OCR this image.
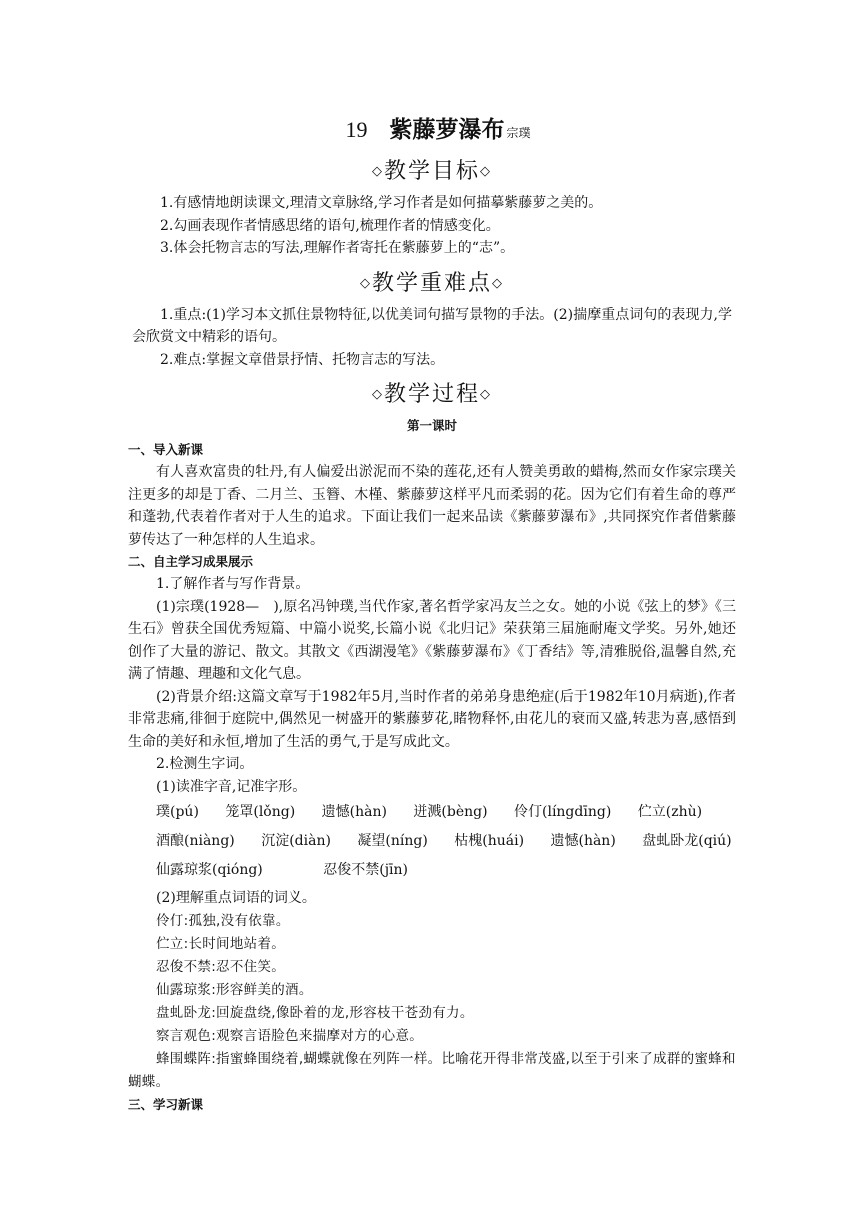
19 紫藤萝瀑布 宗璞
◇教学目标◇

1.有感情地朗读课文,理清文章脉络,学习作者是如何描摹紫藤萝之美的。

2.勾画表现作者情感思绪的语句,梳理作者的情感变化。

3.体会托物言志的写法,理解作者寄托在紫藤萝上的“志”。

◇教学重难点◇

1.重点:(1)学习本文抓住景物特征,以优美词句描写景物的手法。(2)揣摩重点词句的表现力,学会欣赏文中精彩的语句。

2.难点:掌握文章借景抒情、托物言志的写法。

◇教学过程◇
第一课时

一、导入新课

有人喜欢富贵的牡丹,有人偏爱出淤泥而不染的莲花,还有人赞美勇敢的蜡梅,然而女作家宗璞关注更多的却是丁香、二月兰、玉簪、木槿、紫藤萝这样平凡而柔弱的花。因为它们有着生命的尊严和蓬勃,代表着作者对于人生的追求。下面让我们一起来品读《紫藤萝瀑布》,共同探究作者借紫藤萝传达了一种怎样的人生追求。

二、自主学习成果展示

1.了解作者与写作背景。

(1)宗璞(1928—　),原名冯钟璞,当代作家,著名哲学家冯友兰之女。她的小说《弦上的梦》《三生石》曾获全国优秀短篇、中篇小说奖,长篇小说《北归记》荣获第三届施耐庵文学奖。另外,她还创作了大量的游记、散文。其散文《西湖漫笔》《紫藤萝瀑布》《丁香结》等,清雅脱俗,温馨自然,充满了情趣、理趣和文化气息。

(2)背景介绍:这篇文章写于1982年5月,当时作者的弟弟身患绝症(后于1982年10月病逝),作者非常悲痛,徘徊于庭院中,偶然见一树盛开的紫藤萝花,睹物释怀,由花儿的衰而又盛,转悲为喜,感悟到生命的美好和永恒,增加了生活的勇气,于是写成此文。

2.检测生字词。

(1)读准字音,记准字形。

璞(pú) 笼罩(lǒng) 遗憾(hàn) 迸溅(bèng) 伶仃(língdīng) 伫立(zhù)
酒酿(niàng) 沉淀(diàn) 凝望(níng) 枯槐(huái) 遗憾(hàn) 盘虬卧龙(qiú)
仙露琼浆(qióng)	忍俊不禁(jīn)

(2)理解重点词语的词义。

伶仃:孤独,没有依靠。

伫立:长时间地站着。

忍俊不禁:忍不住笑。

仙露琼浆:形容鲜美的酒。

盘虬卧龙:回旋盘绕,像卧着的龙,形容枝干苍劲有力。

察言观色:观察言语脸色来揣摩对方的心意。

蜂围蝶阵:指蜜蜂围绕着,蝴蝶就像在列阵一样。比喻花开得非常茂盛,以至于引来了成群的蜜蜂和蝴蝶。

三、学习新课
